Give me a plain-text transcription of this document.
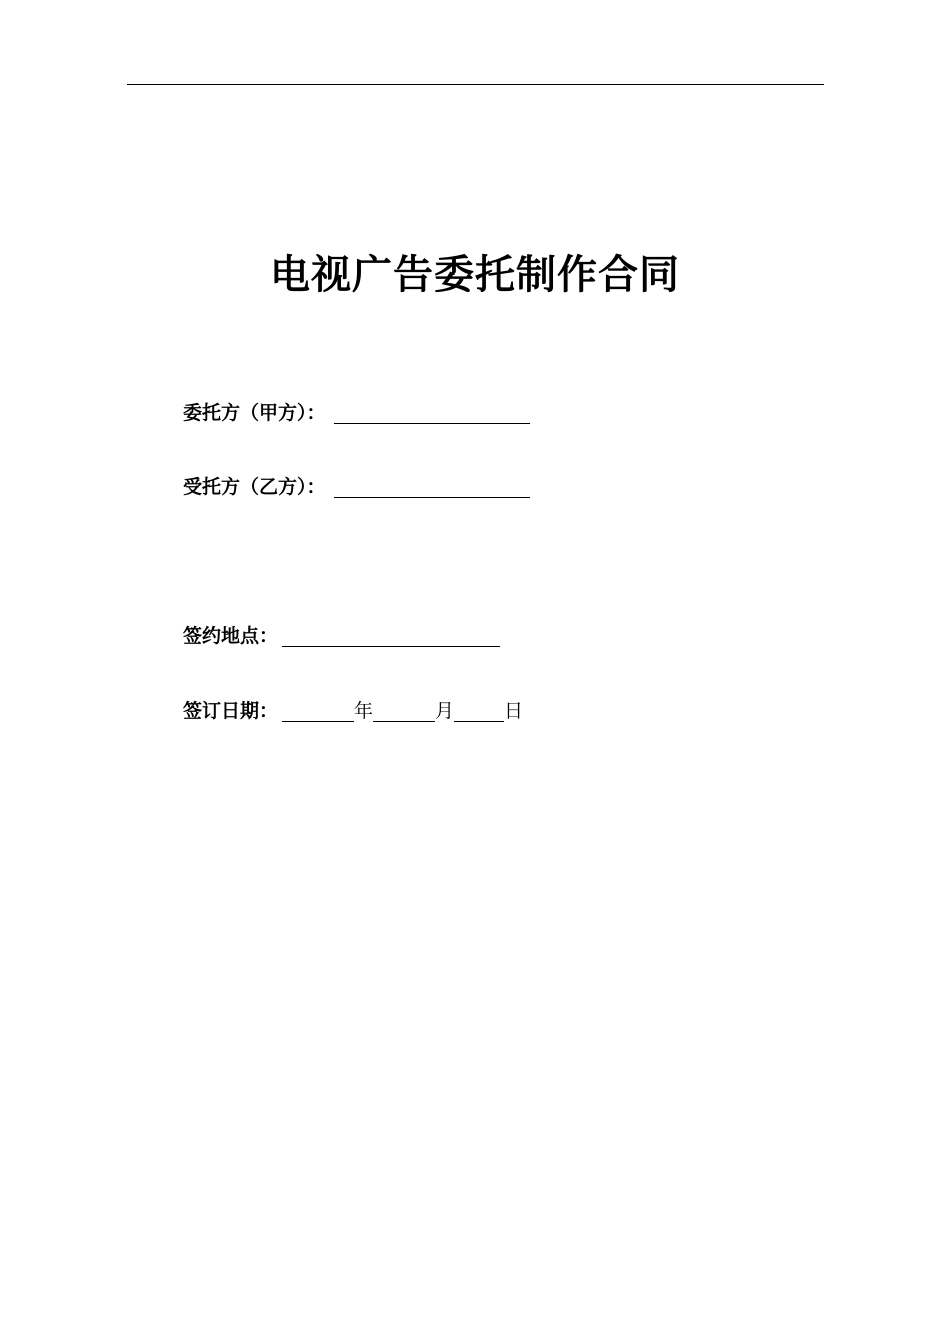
电视广告委托制作合同
委托方（甲方）：
受托方（乙方）：
签约地点：
签订日期：	年	月	日
